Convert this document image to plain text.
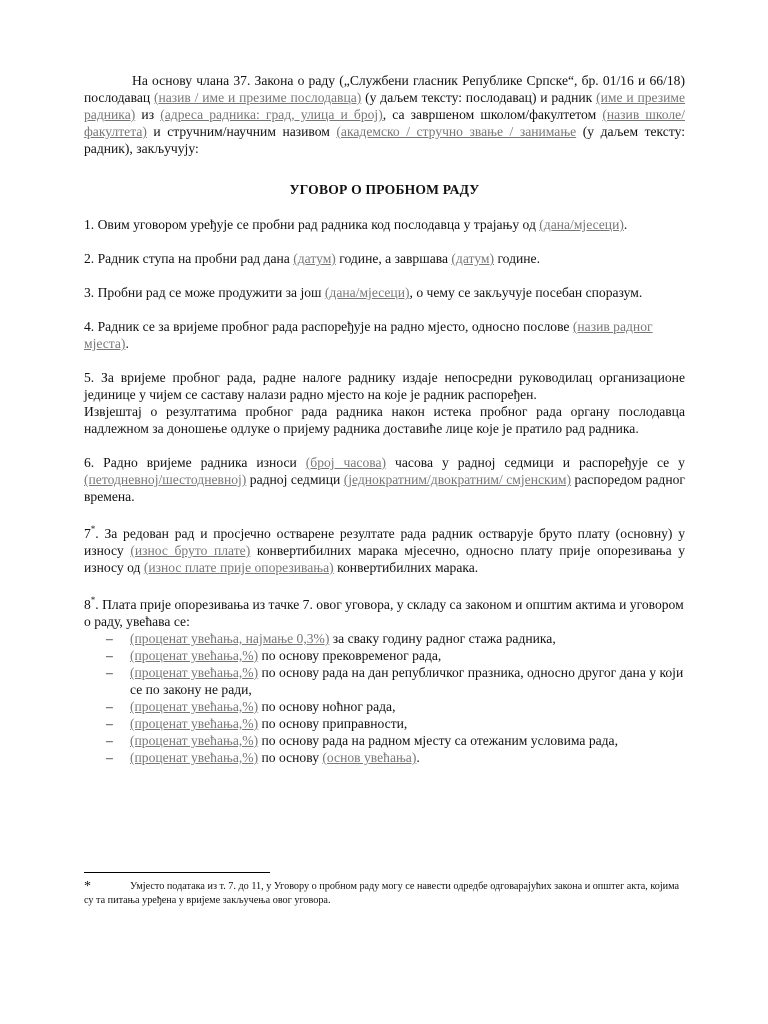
На основу члана 37. Закона о раду („Службени гласник Републике Српске“, бр. 01/16 и 66/18) послодавац (назив / име и презиме послодавца) (у даљем тексту: послодавац) и радник (име и презиме радника) из (адреса радника: град, улица и број), са завршеном школом/факултетом (назив школе/факултета) и стручним/научним називом (академско / стручно звање / занимање (у даљем тексту: радник), закључују:

УГОВОР О ПРОБНОМ РАДУ

1. Овим уговором уређује се пробни рад радника код послодавца у трајању од (дана/мјесеци).

2. Радник ступа на пробни рад дана (датум) године, а завршава (датум) године.

3. Пробни рад се може продужити за још (дана/мјесеци), о чему се закључује посебан споразум.

4. Радник се за вријеме пробног рада распоређује на радно мјесто, односно послове (назив радног мјеста).

5. За вријеме пробног рада, радне налоге раднику издаје непосредни руководилац организационе јединице у чијем се саставу налази радно мјесто на које је радник распоређен.

Извјештај о резултатима пробног рада радника након истека пробног рада органу послодавца надлежном за доношење одлуке о пријему радника доставиће лице које је пратило рад радника.

6. Радно вријеме радника износи (број часова) часова у радној седмици и распоређује се у (петодневној/шестодневној) радној седмици (једнократним/двократним/ смјенским) распоредом радног времена.

7*. За редован рад и просјечно остварене резултате рада радник остварује бруто плату (основну) у износу (износ бруто плате) конвертибилних марака мјесечно, односно плату прије опорезивања у износу од (износ плате прије опорезивања) конвертибилних марака.

8*. Плата прије опорезивања из тачке 7. овог уговора, у складу са законом и општим актима и уговором о раду, увећава се:

– (проценат увећања, најмање 0,3%) за сваку годину радног стажа радника,
– (проценат увећања,%) по основу прековременог рада,
– (проценат увећања,%) по основу рада на дан републичког празника, односно другог дана у који се по закону не ради,
– (проценат увећања,%) по основу ноћног рада,
– (проценат увећања,%) по основу приправности,
– (проценат увећања,%) по основу рада на радном мјесту са отежаним условима рада,
– (проценат увећања,%) по основу (основ увећања).
*	Умјесто података из т. 7. до 11, у Уговору о пробном раду могу се навести одредбе одговарајућих закона и општег акта, којима су та питања уређена у вријеме закључења овог уговора.
